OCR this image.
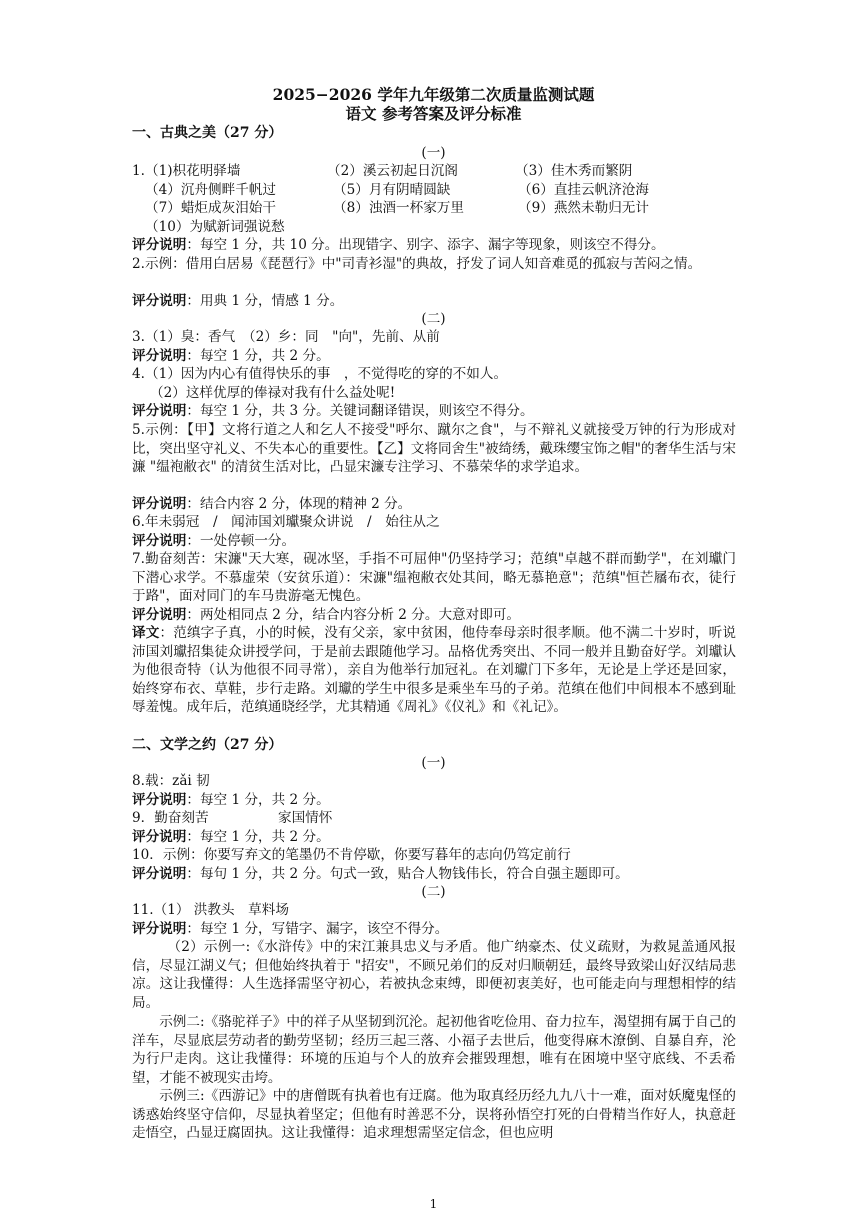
2025−2026 学年九年级第二次质量监测试题
语文 参考答案及评分标准
一、古典之美（27 分）
(一)
1.（1)枳花明驿墙	（2）溪云初起日沉阁	（3）佳木秀而繁阴
（4）沉舟侧畔千帆过	（5）月有阴晴圆缺	（6）直挂云帆济沧海
（7）蜡炬成灰泪始干	（8）浊酒一杯家万里	（9）燕然未勒归无计
（10）为赋新词强说愁
评分说明：每空 1 分，共 10 分。出现错字、别字、添字、漏字等现象，则该空不得分。
2.示例：借用白居易《琵琶行》中"司青衫湿"的典故，抒发了词人知音难觅的孤寂与苦闷之情。
评分说明：用典 1 分，情感 1 分。
(二)
3.（1）臭：香气　（2）乡：同　"向"，先前、从前
评分说明：每空 1 分，共 2 分。
4.（1）因为内心有值得快乐的事　，不觉得吃的穿的不如人。
（2）这样优厚的俸禄对我有什么益处呢!
评分说明：每空 1 分，共 3 分。关键词翻译错误，则该空不得分。
5.示例：【甲】文将行道之人和乞人不接受"呼尔、蹴尔之食"，与不辩礼义就接受万钟的行为形成对比，突出坚守礼义、不失本心的重要性。【乙】文将同舍生"被绮绣，戴珠缨宝饰之帽"的奢华生活与宋濂 "缊袍敝衣" 的清贫生活对比，凸显宋濂专注学习、不慕荣华的求学追求。
评分说明：结合内容 2 分，体现的精神 2 分。
6.年未弱冠　/　闻沛国刘瓛聚众讲说　/　始往从之
评分说明：一处停顿一分。
7.勤奋刻苦：宋濂"天大寒，砚冰坚，手指不可屈伸"仍坚持学习；范缜"卓越不群而勤学"，在刘瓛门下潜心求学。不慕虚荣（安贫乐道）：宋濂"缊袍敝衣处其间，略无慕艳意"；范缜"恒芒屩布衣，徒行于路"，面对同门的车马贵游毫无愧色。
评分说明：两处相同点 2 分，结合内容分析 2 分。大意对即可。
译文：范缜字子真，小的时候，没有父亲，家中贫困，他侍奉母亲时很孝顺。他不满二十岁时，听说沛国刘瓛招集徒众讲授学问，于是前去跟随他学习。品格优秀突出、不同一般并且勤奋好学。刘瓛认为他很奇特（认为他很不同寻常），亲自为他举行加冠礼。在刘瓛门下多年，无论是上学还是回家，始终穿布衣、草鞋，步行走路。刘瓛的学生中很多是乘坐车马的子弟。范缜在他们中间根本不感到耻辱羞愧。成年后，范缜通晓经学，尤其精通《周礼》《仪礼》和《礼记》。
二、文学之约（27 分）
(一)
8.载：zǎi 韧
评分说明：每空 1 分，共 2 分。
9．勤奋刻苦	家国情怀
评分说明：每空 1 分，共 2 分。
10．示例：你要写弃文的笔墨仍不肯停歇，你要写暮年的志向仍笃定前行
评分说明：每句 1 分，共 2 分。句式一致，贴合人物钱伟长，符合自强主题即可。
(二)
11.（1） 洪教头　草料场
评分说明：每空 1 分，写错字、漏字，该空不得分。
（2）示例一:《水浒传》中的宋江兼具忠义与矛盾。他广纳豪杰、仗义疏财，为救晁盖通风报信，尽显江湖义气；但他始终执着于 "招安"，不顾兄弟们的反对归顺朝廷，最终导致梁山好汉结局悲凉。这让我懂得：人生选择需坚守初心，若被执念束缚，即便初衷美好，也可能走向与理想相悖的结局。
示例二:《骆驼祥子》中的祥子从坚韧到沉沦。起初他省吃俭用、奋力拉车，渴望拥有属于自己的洋车，尽显底层劳动者的勤劳坚韧；经历三起三落、小福子去世后，他变得麻木潦倒、自暴自弃，沦为行尸走肉。这让我懂得：环境的压迫与个人的放弃会摧毁理想，唯有在困境中坚守底线、不丢希望，才能不被现实击垮。
示例三:《西游记》中的唐僧既有执着也有迂腐。他为取真经历经九九八十一难，面对妖魔鬼怪的诱惑始终坚守信仰，尽显执着坚定；但他有时善恶不分，误将孙悟空打死的白骨精当作好人，执意赶走悟空，凸显迂腐固执。这让我懂得：追求理想需坚定信念，但也应明
1
